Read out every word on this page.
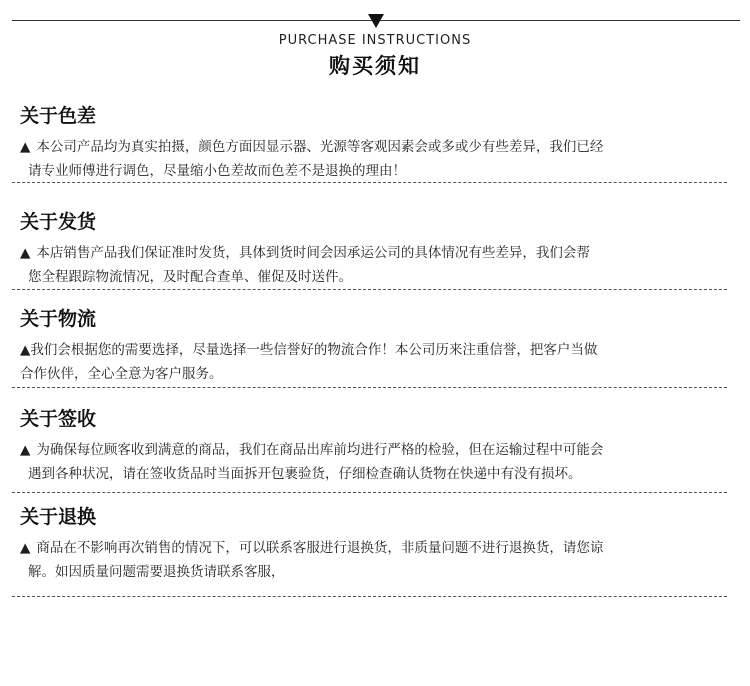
PURCHASE INSTRUCTIONS
购买须知
关于色差
▲ 本公司产品均为真实拍摄，颜色方面因显示器、光源等客观因素会或多或少有些差异，我们已经
请专业师傅进行调色，尽量缩小色差故而色差不是退换的理由！
关于发货
▲ 本店销售产品我们保证准时发货，具体到货时间会因承运公司的具体情况有些差异，我们会帮
您全程跟踪物流情况，及时配合查单、催促及时送件。
关于物流
▲我们会根据您的需要选择，尽量选择一些信誉好的物流合作！本公司历来注重信誉，把客户当做
合作伙伴，全心全意为客户服务。
关于签收
▲ 为确保每位顾客收到满意的商品，我们在商品出库前均进行严格的检验，但在运输过程中可能会
遇到各种状况，请在签收货品时当面拆开包裹验货，仔细检查确认货物在快递中有没有损坏。
关于退换
▲ 商品在不影响再次销售的情况下，可以联系客服进行退换货，非质量问题不进行退换货，请您谅
解。如因质量问题需要退换货请联系客服，
